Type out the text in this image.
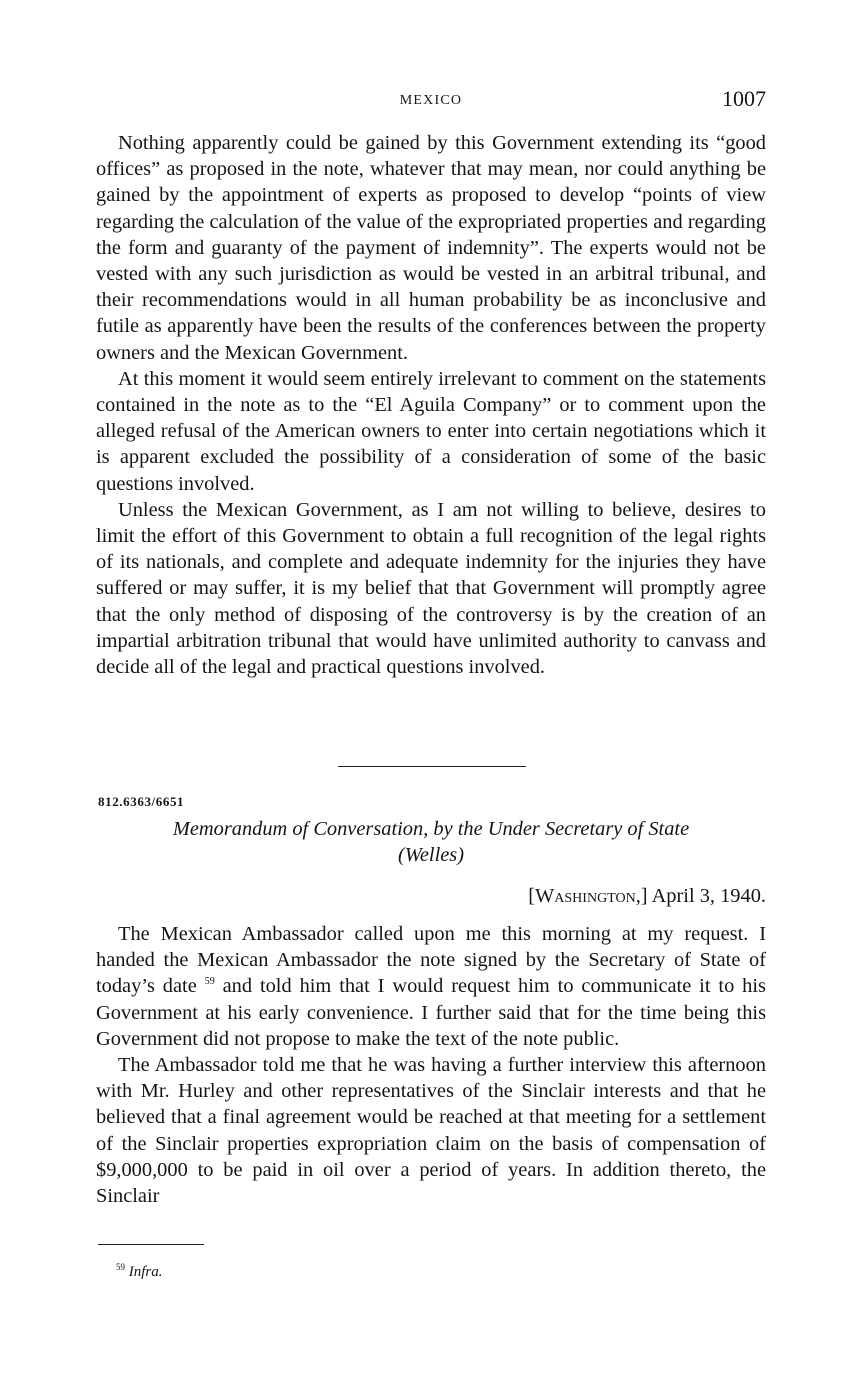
MEXICO	1007

Nothing apparently could be gained by this Government extending its “good offices” as proposed in the note, whatever that may mean, nor could anything be gained by the appointment of experts as proposed to develop “points of view regarding the calculation of the value of the expropriated properties and regarding the form and guaranty of the payment of indemnity”. The experts would not be vested with any such jurisdiction as would be vested in an arbitral tribunal, and their recommendations would in all human probability be as inconclusive and futile as apparently have been the results of the conferences between the property owners and the Mexican Government.

At this moment it would seem entirely irrelevant to comment on the statements contained in the note as to the “El Aguila Company” or to comment upon the alleged refusal of the American owners to enter into certain negotiations which it is apparent excluded the possibility of a consideration of some of the basic questions involved.

Unless the Mexican Government, as I am not willing to believe, desires to limit the effort of this Government to obtain a full recognition of the legal rights of its nationals, and complete and adequate indemnity for the injuries they have suffered or may suffer, it is my belief that that Government will promptly agree that the only method of disposing of the controversy is by the creation of an impartial arbitration tribunal that would have unlimited authority to canvass and decide all of the legal and practical questions involved.

812.6363/6651
Memorandum of Conversation, by the Under Secretary of State
(Welles)
[Washington,] April 3, 1940.

The Mexican Ambassador called upon me this morning at my request. I handed the Mexican Ambassador the note signed by the Secretary of State of today’s date $^{59}$ and told him that I would request him to communicate it to his Government at his early convenience. I further said that for the time being this Government did not propose to make the text of the note public.

The Ambassador told me that he was having a further interview this afternoon with Mr. Hurley and other representatives of the Sinclair interests and that he believed that a final agreement would be reached at that meeting for a settlement of the Sinclair properties expropriation claim on the basis of compensation of $9,000,000 to be paid in oil over a period of years. In addition thereto, the Sinclair

$^{59}$ Infra.
